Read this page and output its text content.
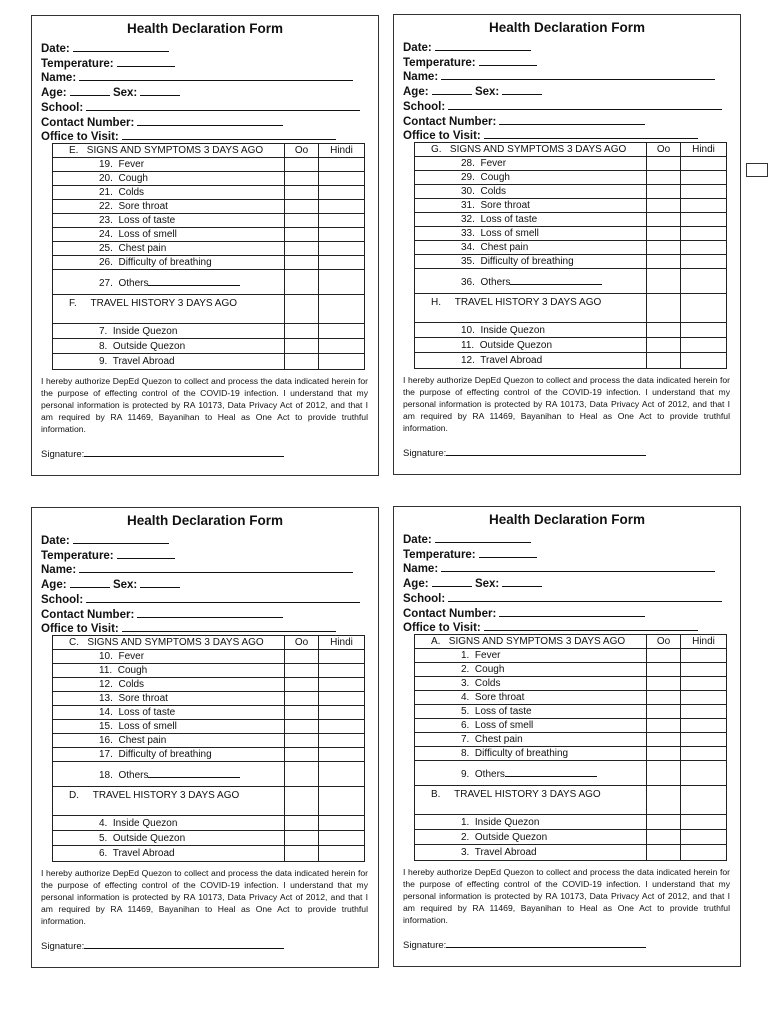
Health Declaration Form
Date:
Temperature:
Name:
Age:	Sex:
School:
Contact Number:
Office to Visit:
E. SIGNS AND SYMPTOMS 3 DAYS AGO	Oo	Hindi
19. Fever		
20. Cough		
21. Colds		
22. Sore throat		
23. Loss of taste		
24. Loss of smell		
25. Chest pain		
26. Difficulty of breathing		
27. Others		
F. TRAVEL HISTORY 3 DAYS AGO		
7. Inside Quezon		
8. Outside Quezon		
9. Travel Abroad		
I hereby authorize DepEd Quezon to collect and process the data indicated herein for the purpose of effecting control of the COVID-19 infection. I understand that my personal information is protected by RA 10173, Data Privacy Act of 2012, and that I am required by RA 11469, Bayanihan to Heal as One Act to provide truthful information.
Signature:
Health Declaration Form
Date:
Temperature:
Name:
Age:	Sex:
School:
Contact Number:
Office to Visit:
G. SIGNS AND SYMPTOMS 3 DAYS AGO	Oo	Hindi
28. Fever		
29. Cough		
30. Colds		
31. Sore throat		
32. Loss of taste		
33. Loss of smell		
34. Chest pain		
35. Difficulty of breathing		
36. Others		
H. TRAVEL HISTORY 3 DAYS AGO		
10. Inside Quezon		
11. Outside Quezon		
12. Travel Abroad		
I hereby authorize DepEd Quezon to collect and process the data indicated herein for the purpose of effecting control of the COVID-19 infection. I understand that my personal information is protected by RA 10173, Data Privacy Act of 2012, and that I am required by RA 11469, Bayanihan to Heal as One Act to provide truthful information.
Signature:
Health Declaration Form
Date:
Temperature:
Name:
Age:	Sex:
School:
Contact Number:
Office to Visit:
C. SIGNS AND SYMPTOMS 3 DAYS AGO	Oo	Hindi
10. Fever		
11. Cough		
12. Colds		
13. Sore throat		
14. Loss of taste		
15. Loss of smell		
16. Chest pain		
17. Difficulty of breathing		
18. Others		
D. TRAVEL HISTORY 3 DAYS AGO		
4. Inside Quezon		
5. Outside Quezon		
6. Travel Abroad		
I hereby authorize DepEd Quezon to collect and process the data indicated herein for the purpose of effecting control of the COVID-19 infection. I understand that my personal information is protected by RA 10173, Data Privacy Act of 2012, and that I am required by RA 11469, Bayanihan to Heal as One Act to provide truthful information.
Signature:
Health Declaration Form
Date:
Temperature:
Name:
Age:	Sex:
School:
Contact Number:
Office to Visit:
A. SIGNS AND SYMPTOMS 3 DAYS AGO	Oo	Hindi
1. Fever		
2. Cough		
3. Colds		
4. Sore throat		
5. Loss of taste		
6. Loss of smell		
7. Chest pain		
8. Difficulty of breathing		
9. Others		
B. TRAVEL HISTORY 3 DAYS AGO		
1. Inside Quezon		
2. Outside Quezon		
3. Travel Abroad		
I hereby authorize DepEd Quezon to collect and process the data indicated herein for the purpose of effecting control of the COVID-19 infection. I understand that my personal information is protected by RA 10173, Data Privacy Act of 2012, and that I am required by RA 11469, Bayanihan to Heal as One Act to provide truthful information.
Signature:
